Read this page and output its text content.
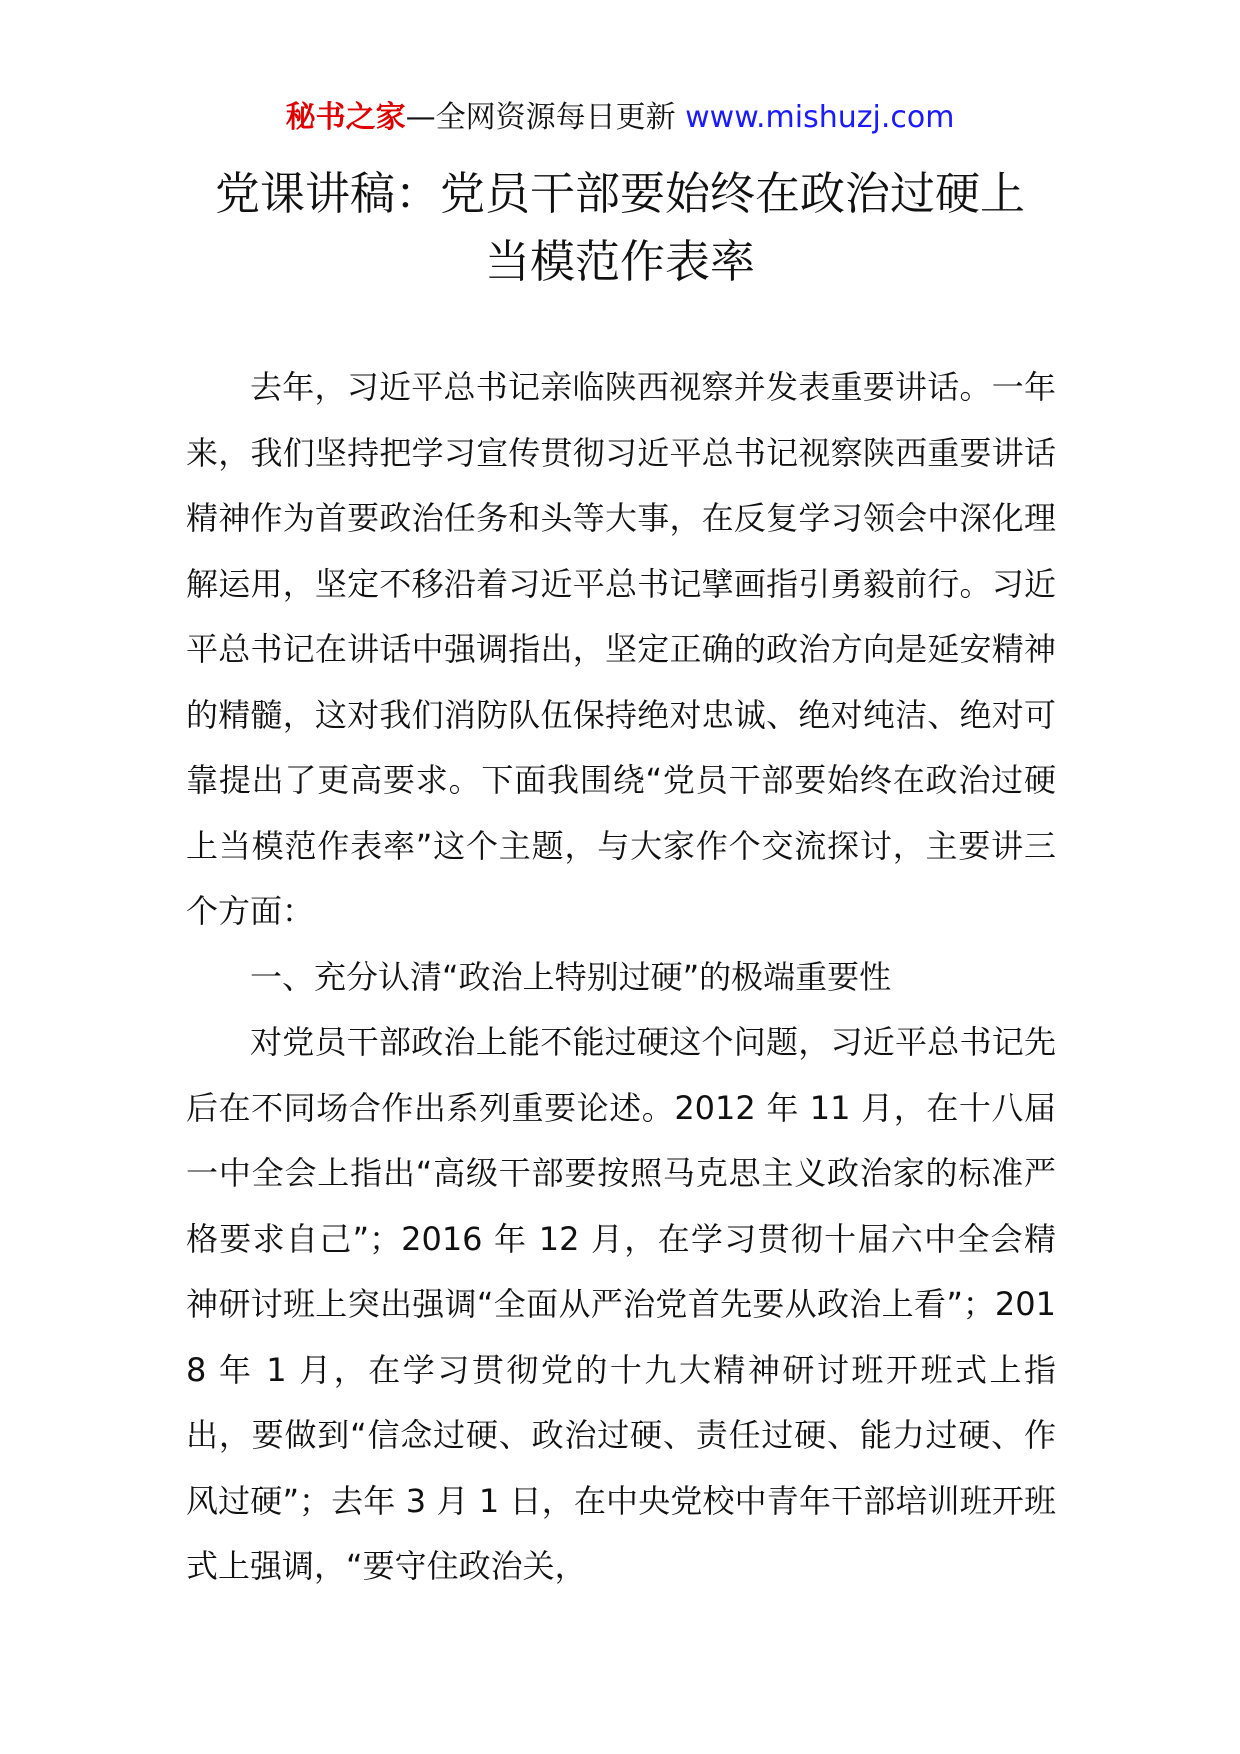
秘书之家—全网资源每日更新 www.mishuzj.com
党课讲稿：党员干部要始终在政治过硬上
当模范作表率

去年，习近平总书记亲临陕西视察并发表重要讲话。一年来，我们坚持把学习宣传贯彻习近平总书记视察陕西重要讲话精神作为首要政治任务和头等大事，在反复学习领会中深化理解运用，坚定不移沿着习近平总书记擘画指引勇毅前行。习近平总书记在讲话中强调指出，坚定正确的政治方向是延安精神的精髓，这对我们消防队伍保持绝对忠诚、绝对纯洁、绝对可靠提出了更高要求。下面我围绕“党员干部要始终在政治过硬上当模范作表率”这个主题，与大家作个交流探讨，主要讲三个方面：

一、充分认清“政治上特别过硬”的极端重要性

对党员干部政治上能不能过硬这个问题，习近平总书记先后在不同场合作出系列重要论述。2012 年 11 月，在十八届一中全会上指出“高级干部要按照马克思主义政治家的标准严格要求自己”；2016 年 12 月，在学习贯彻十届六中全会精神研讨班上突出强调“全面从严治党首先要从政治上看”；2018 年 1 月，在学习贯彻党的十九大精神研讨班开班式上指出，要做到“信念过硬、政治过硬、责任过硬、能力过硬、作风过硬”；去年 3 月 1 日，在中央党校中青年干部培训班开班式上强调，“要守住政治关，
